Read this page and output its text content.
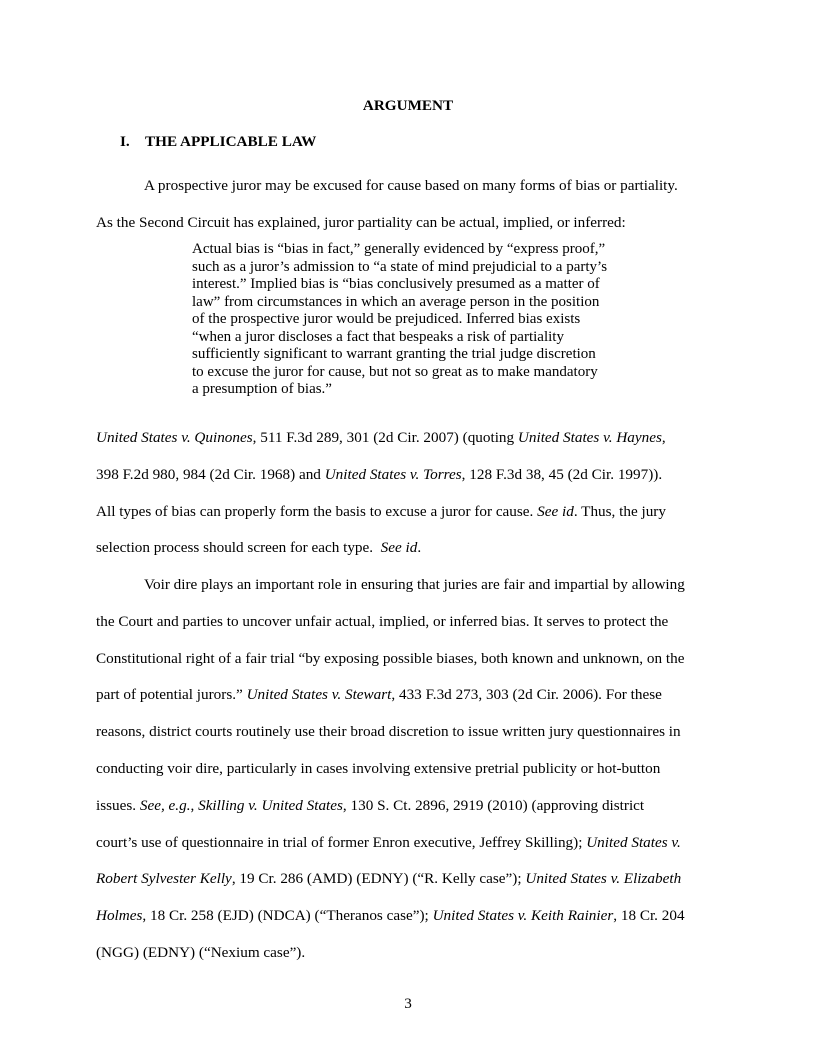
ARGUMENT
I. THE APPLICABLE LAW

A prospective juror may be excused for cause based on many forms of bias or partiality.
As the Second Circuit has explained, juror partiality can be actual, implied, or inferred:

Actual bias is “bias in fact,” generally evidenced by “express proof,”
such as a juror’s admission to “a state of mind prejudicial to a party’s
interest.” Implied bias is “bias conclusively presumed as a matter of
law” from circumstances in which an average person in the position
of the prospective juror would be prejudiced. Inferred bias exists
“when a juror discloses a fact that bespeaks a risk of partiality
sufficiently significant to warrant granting the trial judge discretion
to excuse the juror for cause, but not so great as to make mandatory
a presumption of bias.”

United States v. Quinones, 511 F.3d 289, 301 (2d Cir. 2007) (quoting United States v. Haynes,
398 F.2d 980, 984 (2d Cir. 1968) and United States v. Torres, 128 F.3d 38, 45 (2d Cir. 1997)).
All types of bias can properly form the basis to excuse a juror for cause. See id. Thus, the jury
selection process should screen for each type.  See id.

Voir dire plays an important role in ensuring that juries are fair and impartial by allowing

the Court and parties to uncover unfair actual, implied, or inferred bias. It serves to protect the
Constitutional right of a fair trial “by exposing possible biases, both known and unknown, on the
part of potential jurors.” United States v. Stewart, 433 F.3d 273, 303 (2d Cir. 2006). For these
reasons, district courts routinely use their broad discretion to issue written jury questionnaires in
conducting voir dire, particularly in cases involving extensive pretrial publicity or hot-button
issues. See, e.g., Skilling v. United States, 130 S. Ct. 2896, 2919 (2010) (approving district
court’s use of questionnaire in trial of former Enron executive, Jeffrey Skilling); United States v.
Robert Sylvester Kelly, 19 Cr. 286 (AMD) (EDNY) (“R. Kelly case”); United States v. Elizabeth
Holmes, 18 Cr. 258 (EJD) (NDCA) (“Theranos case”); United States v. Keith Rainier, 18 Cr. 204
(NGG) (EDNY) (“Nexium case”).

3
